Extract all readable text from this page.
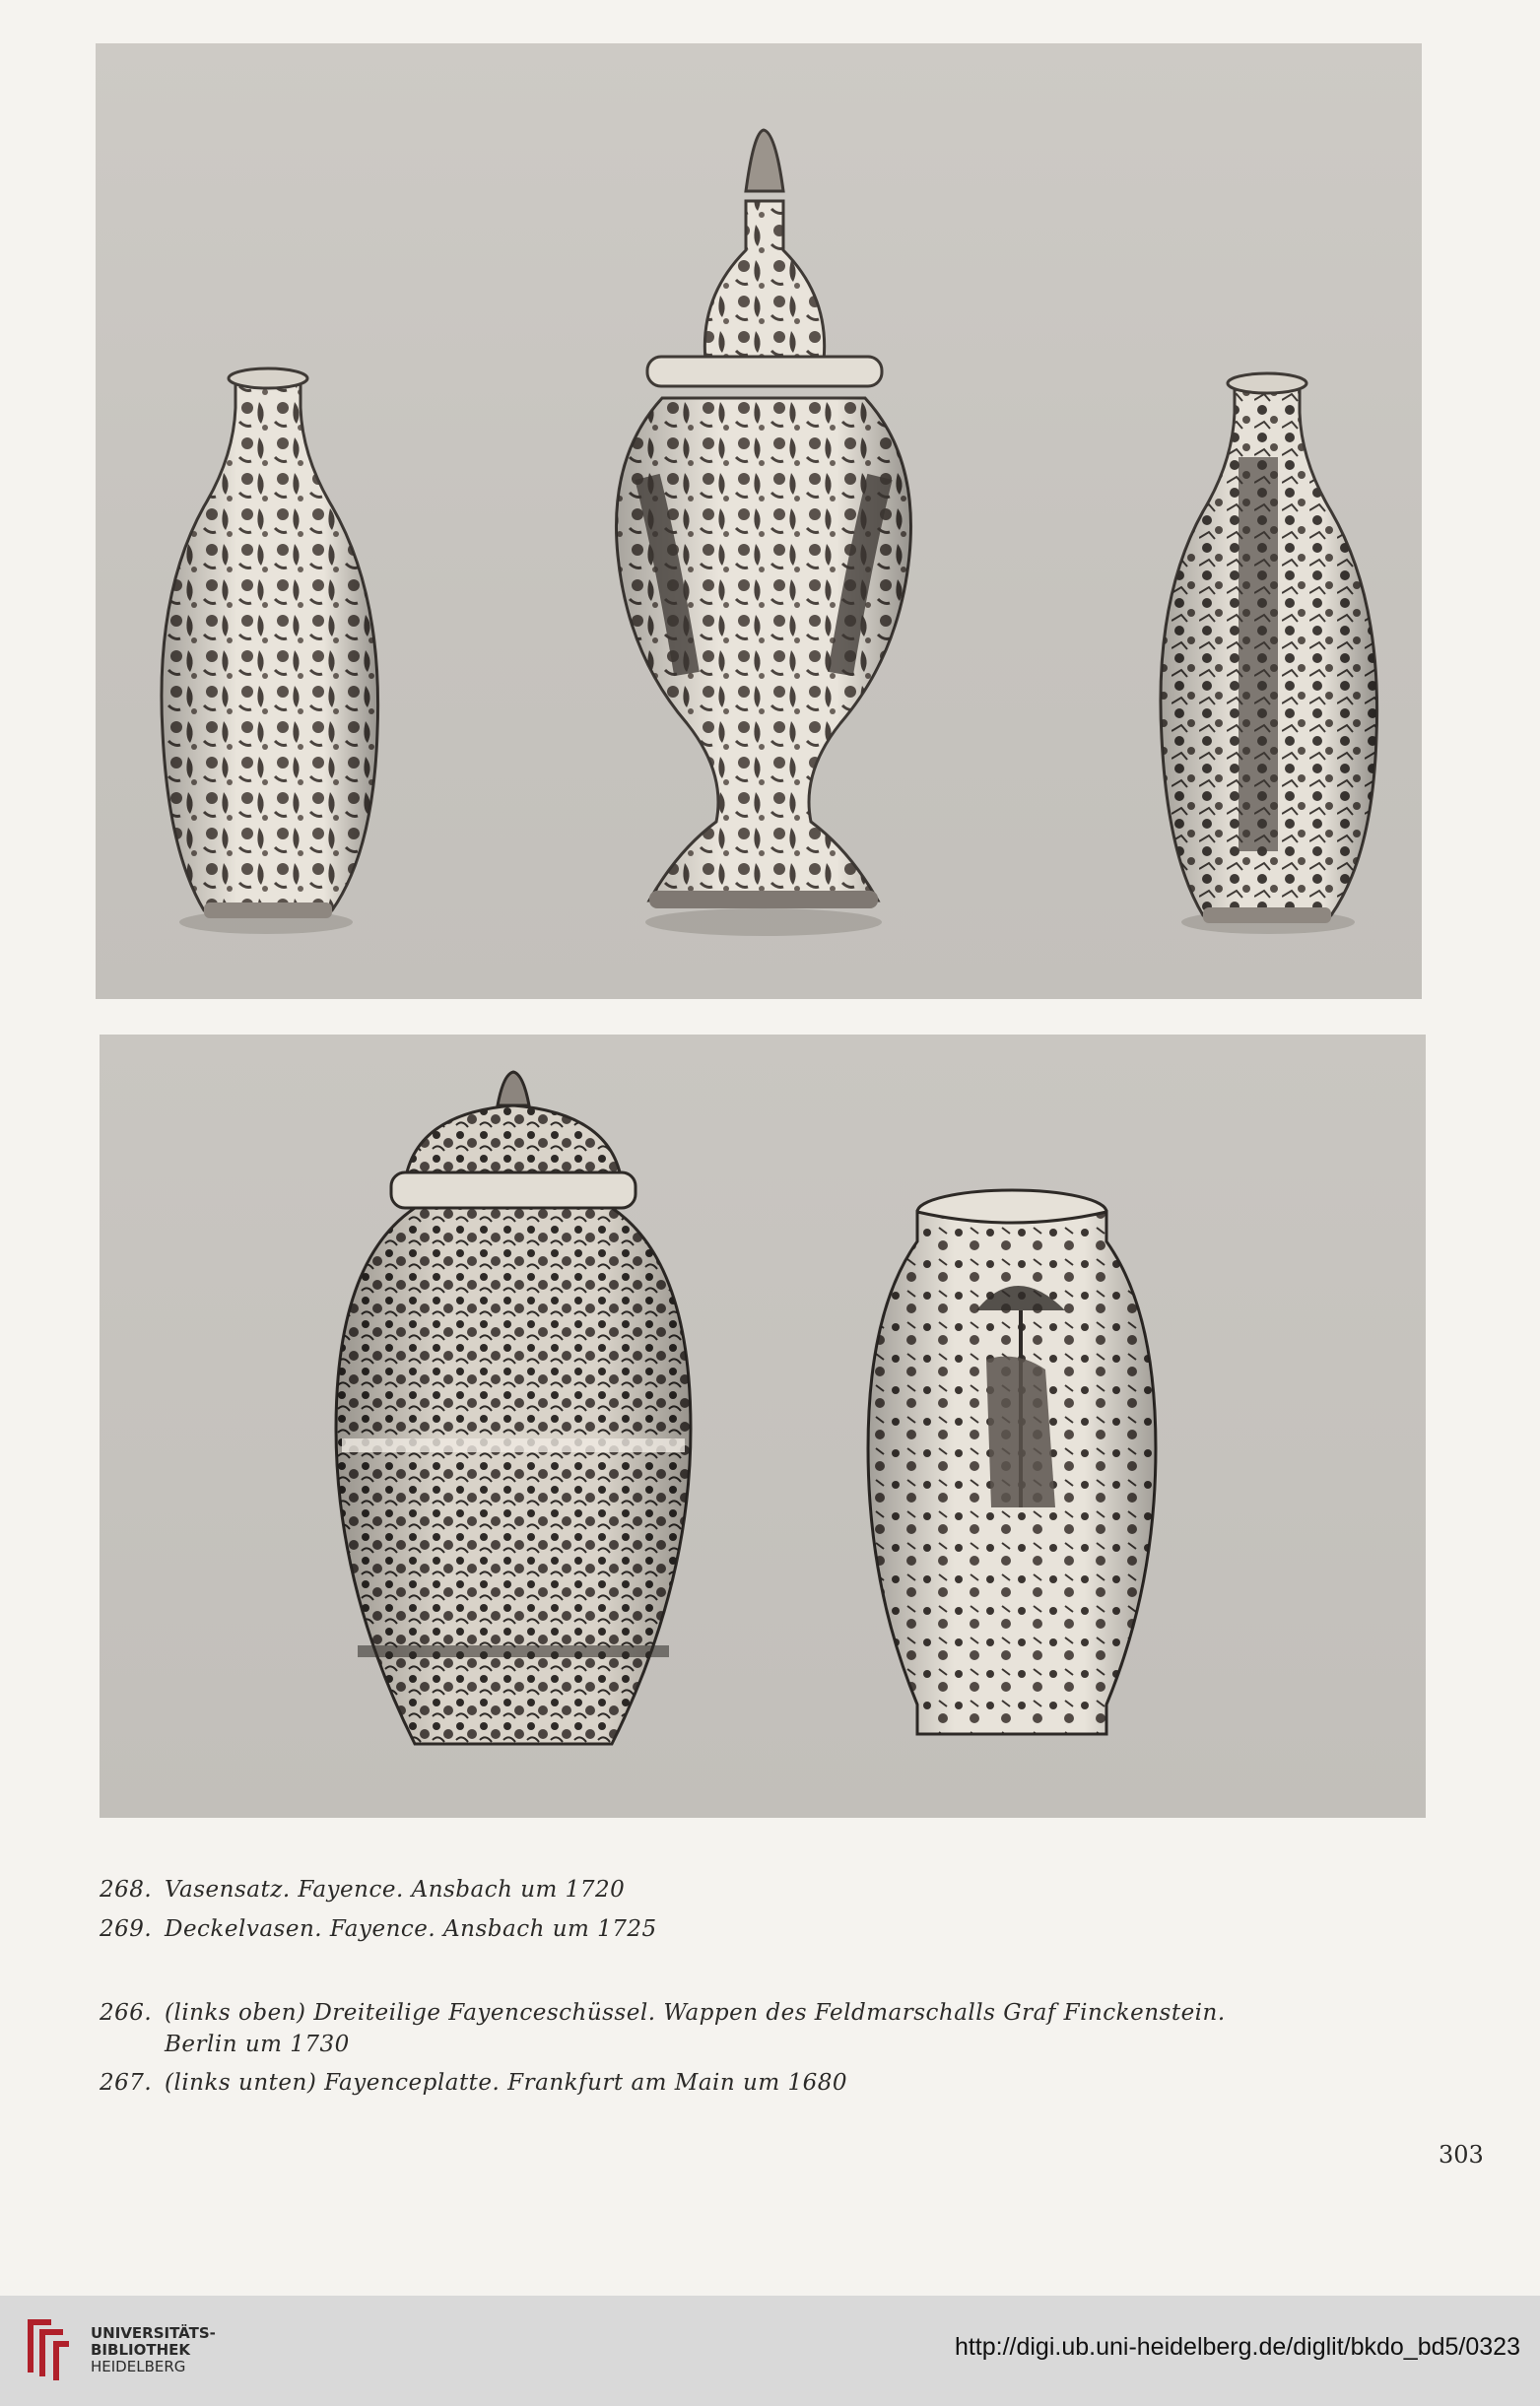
268. Vasensatz. Fayence. Ansbach um 1720
269. Deckelvasen. Fayence. Ansbach um 1725
266. (links oben) Dreiteilige Fayenceschüssel. Wappen des Feldmarschalls Graf Finckenstein.
Berlin um 1730
267. (links unten) Fayenceplatte. Frankfurt am Main um 1680
303
UNIVERSITÄTS-
BIBLIOTHEK
HEIDELBERG
http://digi.ub.uni-heidelberg.de/diglit/bkdo_bd5/0323
